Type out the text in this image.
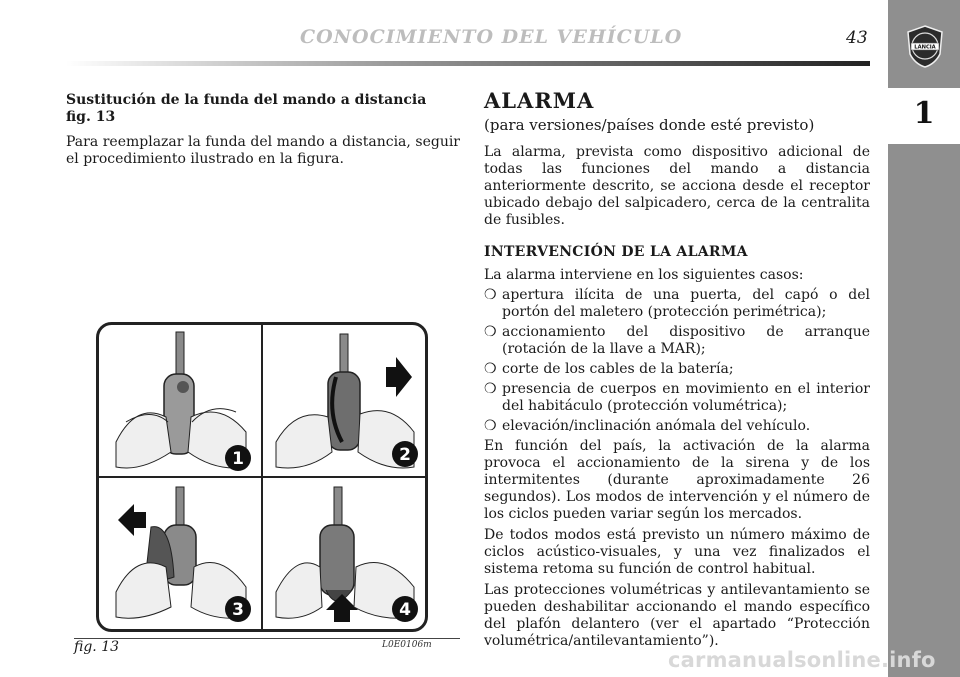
1
LANCIA
CONOCIMIENTO DEL VEHÍCULO	43
Sustitución de la funda del mando a distancia
fig. 13

Para reemplazar la funda del mando a distancia, seguir el procedimiento ilustrado en la figura.

1	2
3	4
fig. 13	L0E0106m
ALARMA
(para versiones/países donde esté previsto)

La alarma, prevista como dispositivo adicional de todas las funciones del mando a distancia anteriormente descrito, se acciona desde el receptor ubicado debajo del salpicadero, cerca de la centralita de fusibles.

INTERVENCIÓN DE LA ALARMA

La alarma interviene en los siguientes casos:

❍ apertura ilícita de una puerta, del capó o del portón del maletero (protección perimétrica);
❍ accionamiento del dispositivo de arranque (rotación de la llave a MAR);
❍ corte de los cables de la batería;
❍ presencia de cuerpos en movimiento en el interior del habitáculo (protección volumétrica);
❍ elevación/inclinación anómala del vehículo.

En función del país, la activación de la alarma provoca el accionamiento de la sirena y de los intermitentes (durante aproximadamente 26 segundos). Los modos de intervención y el número de los ciclos pueden variar según los mercados.

De todos modos está previsto un número máximo de ciclos acústico-visuales, y una vez finalizados el sistema retoma su función de control habitual.

Las protecciones volumétricas y antilevantamiento se pueden deshabilitar accionando el mando específico del plafón delantero (ver el apartado “Protección volumétrica/antilevantamiento”).

carmanualsonline.info
